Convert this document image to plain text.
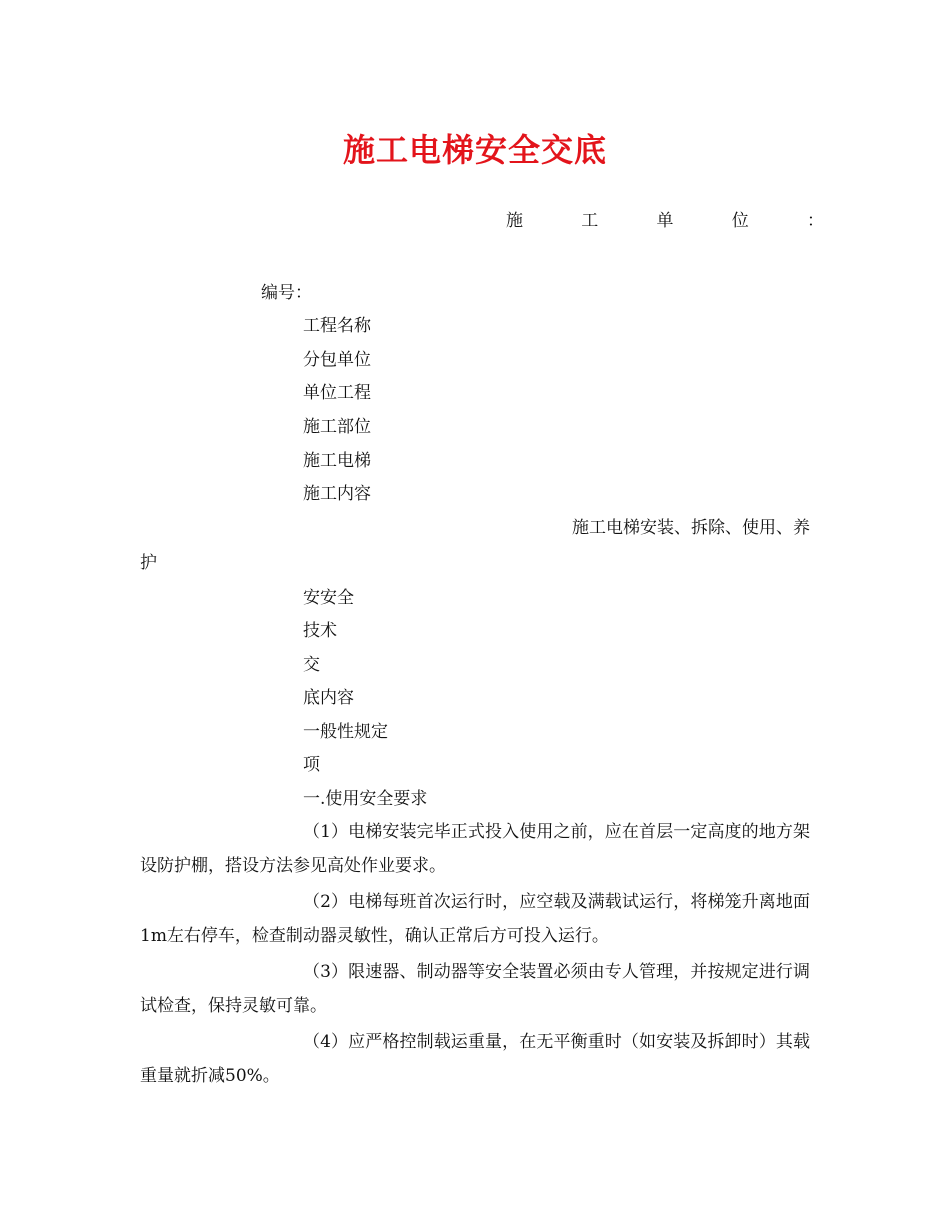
施工电梯安全交底
施	工	单	位	：
编号：
工程名称
分包单位
单位工程
施工部位
施工电梯
施工内容
施工电梯安装、拆除、使用、养
护
安安全
技术
交
底内容
一般性规定
项
一.使用安全要求
（1）电梯安装完毕正式投入使用之前，应在首层一定高度的地方架设防护棚，搭设方法参见高处作业要求。
（2）电梯每班首次运行时，应空载及满载试运行，将梯笼升离地面1m左右停车，检查制动器灵敏性，确认正常后方可投入运行。
（3）限速器、制动器等安全装置必须由专人管理，并按规定进行调试检查，保持灵敏可靠。
（4）应严格控制载运重量，在无平衡重时（如安装及拆卸时）其载重量就折减50%。
